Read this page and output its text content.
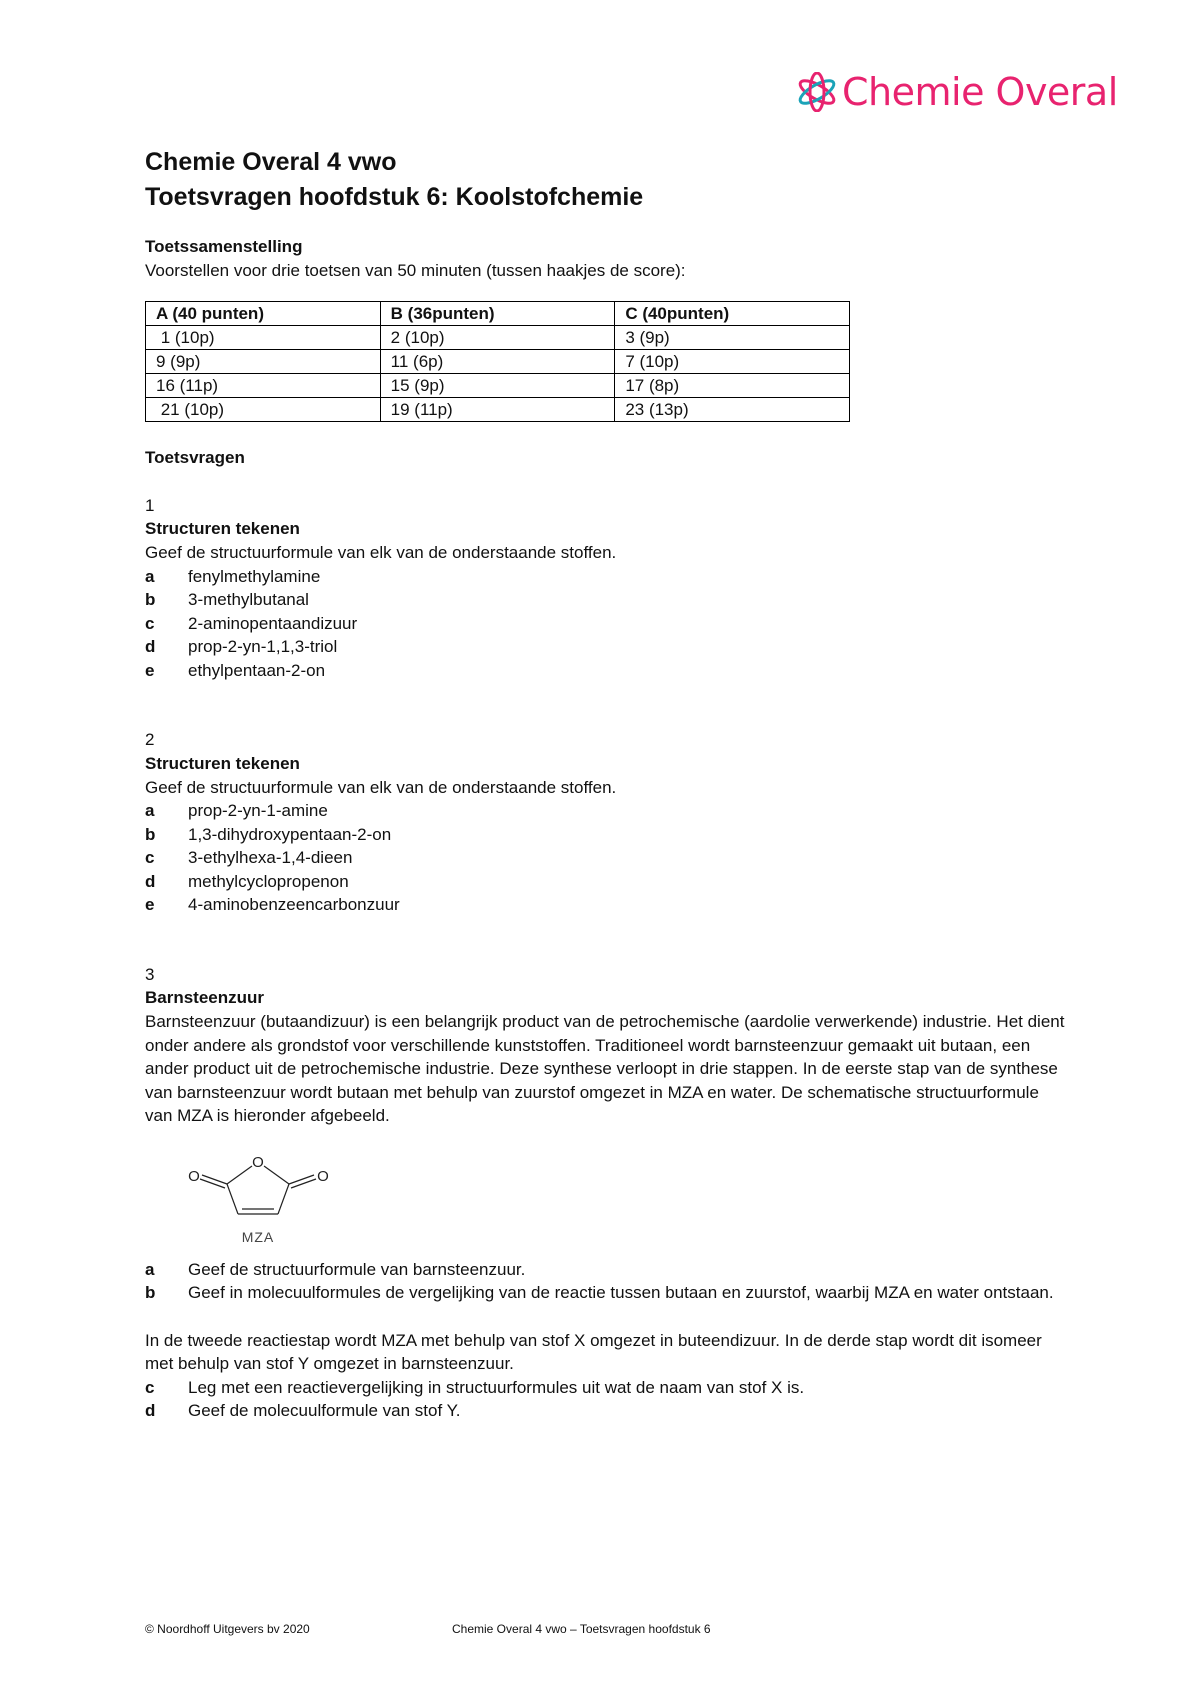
Chemie Overal
Chemie Overal 4 vwo
Toetsvragen hoofdstuk 6: Koolstofchemie
Toetssamenstelling
Voorstellen voor drie toetsen van 50 minuten (tussen haakjes de score):
A (40 punten)	B (36punten)	C (40punten)
1 (10p)	2 (10p)	3 (9p)
9 (9p)	11 (6p)	7 (10p)
16 (11p)	15 (9p)	17 (8p)
21 (10p)	19 (11p)	23 (13p)
Toetsvragen
1
Structuren tekenen
Geef de structuurformule van elk van de onderstaande stoffen.
a	fenylmethylamine
b	3-methylbutanal
c	2-aminopentaandizuur
d	prop-2-yn-1,1,3-triol
e	ethylpentaan-2-on
2
Structuren tekenen
Geef de structuurformule van elk van de onderstaande stoffen.
a	prop-2-yn-1-amine
b	1,3-dihydroxypentaan-2-on
c	3-ethylhexa-1,4-dieen
d	methylcyclopropenon
e	4-aminobenzeencarbonzuur
3
Barnsteenzuur
Barnsteenzuur (butaandizuur) is een belangrijk product van de petrochemische (aardolie verwerkende) industrie. Het dient onder andere als grondstof voor verschillende kunststoffen. Traditioneel wordt barnsteenzuur gemaakt uit butaan, een ander product uit de petrochemische industrie. Deze synthese verloopt in drie stappen. In de eerste stap van de synthese van barnsteenzuur wordt butaan met behulp van zuurstof omgezet in MZA en water. De schematische structuurformule van MZA is hieronder afgebeeld.
O
O	O
MZA
a	Geef de structuurformule van barnsteenzuur.
b	Geef in molecuulformules de vergelijking van de reactie tussen butaan en zuurstof, waarbij MZA en water ontstaan.
In de tweede reactiestap wordt MZA met behulp van stof X omgezet in buteendizuur. In de derde stap wordt dit isomeer met behulp van stof Y omgezet in barnsteenzuur.
c	Leg met een reactievergelijking in structuurformules uit wat de naam van stof X is.
d	Geef de molecuulformule van stof Y.
© Noordhoff Uitgevers bv 2020	Chemie Overal 4 vwo – Toetsvragen hoofdstuk 6
